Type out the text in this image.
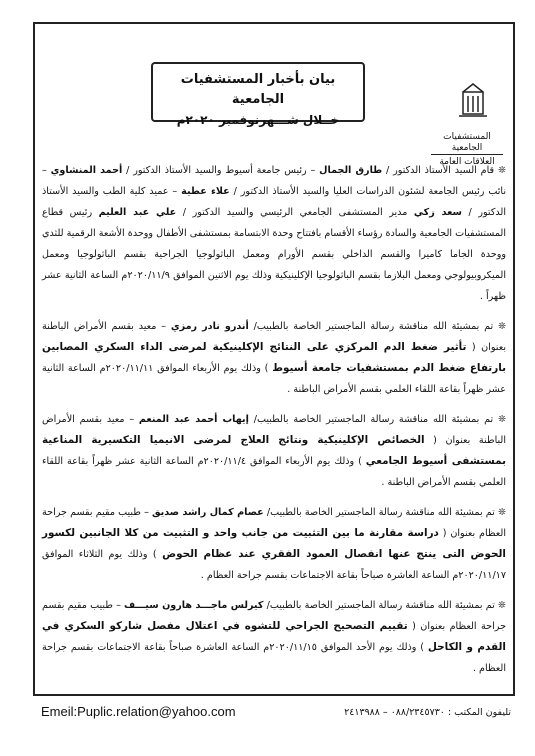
بيان بأخبار المستشفيات الجامعية
خــلال شـــهرنوفمبر ٢٠٢٠م
المستشفيات الجامعية
العلاقات العامة
❊ قام السيد الأستاذ الدكتور / طارق الجمال – رئيس جامعة أسيوط والسيد الأستاذ الدكتور / أحمد المنشاوي – نائب رئيس الجامعة لشئون الدراسات العليا والسيد الأستاذ الدكتور / علاء عطية – عميد كلية الطب والسيد الأستاذ الدكتور / سعد زكي مدير المستشفى الجامعي الرئيسي والسيد الدكتور / علي عبد العليم رئيس قطاع المستشفيات الجامعية والسادة رؤساء الأقسام بافتتاح وحدة الابتسامة بمستشفى الأطفال ووحدة الأشعة الرقمية للثدي ووحدة الجاما كاميرا والقسم الداخلي بقسم الأورام ومعمل الباثولوجيا الجراحية بقسم الباثولوجيا ومعمل الميكروبيولوجي ومعمل البلازما بقسم الباثولوجيا الإكلينيكية وذلك يوم الاثنين الموافق ٢٠٢٠/١١/٩م الساعة الثانية عشر ظهراً .
❊ تم بمشيئة الله مناقشة رسالة الماجستير الخاصة بالطبيب/ أندرو نادر رمزي – معيد بقسم الأمراض الباطنة بعنوان ( تأثير ضغط الدم المركزي على النتائج الإكلينيكية لمرضى الداء السكري المصابين بارتفاع ضغط الدم بمستشفيات جامعة أسيوط ) وذلك يوم الأربعاء الموافق ٢٠٢٠/١١/١١م الساعة الثانية عشر ظهراً بقاعة اللقاء العلمي بقسم الأمراض الباطنة .
❊ تم بمشيئة الله مناقشة رسالة الماجستير الخاصة بالطبيب/ إيهاب أحمد عبد المنعم – معيد بقسم الأمراض الباطنة بعنوان ( الخصائص الإكلينيكية ونتائج العلاج لمرضى الانيميا التكسيرية المناعية بمستشفى أسيوط الجامعي ) وذلك يوم الأربعاء الموافق ٢٠٢٠/١١/٤م الساعة الثانية عشر ظهراً بقاعة اللقاء العلمي بقسم الأمراض الباطنة .
❊ تم بمشيئة الله مناقشة رسالة الماجستير الخاصة بالطبيب/ عصام كمال راشد صديق – طبيب مقيم بقسم جراحة العظام بعنوان ( دراسة مقارنة ما بين التثبيت من جانب واحد و التثبيت من كلا الجانبين لكسور الحوض التى ينتج عنها انفصال العمود الفقري عند عظام الحوض ) وذلك يوم الثلاثاء الموافق ٢٠٢٠/١١/١٧م الساعة العاشرة صباحاً بقاعة الاجتماعات بقسم جراحة العظام .
❊ تم بمشيئة الله مناقشة رسالة الماجستير الخاصة بالطبيب/ كيرلس ماجـــد هارون سيـــف – طبيب مقيم بقسم جراحة العظام بعنوان ( تقييم التصحيح الجراحي للتشوه في اعتلال مفصل شاركو السكري في القدم و الكاحل ) وذلك يوم الأحد الموافق ٢٠٢٠/١١/١٥م الساعة العاشرة صباحاً بقاعة الاجتماعات بقسم جراحة العظام .
Emeil:Puplic.relation@yahoo.com	تليفون المكتب : ٠٨٨/٢٣٤٥٧٣٠ – ٢٤١٣٩٨٨
